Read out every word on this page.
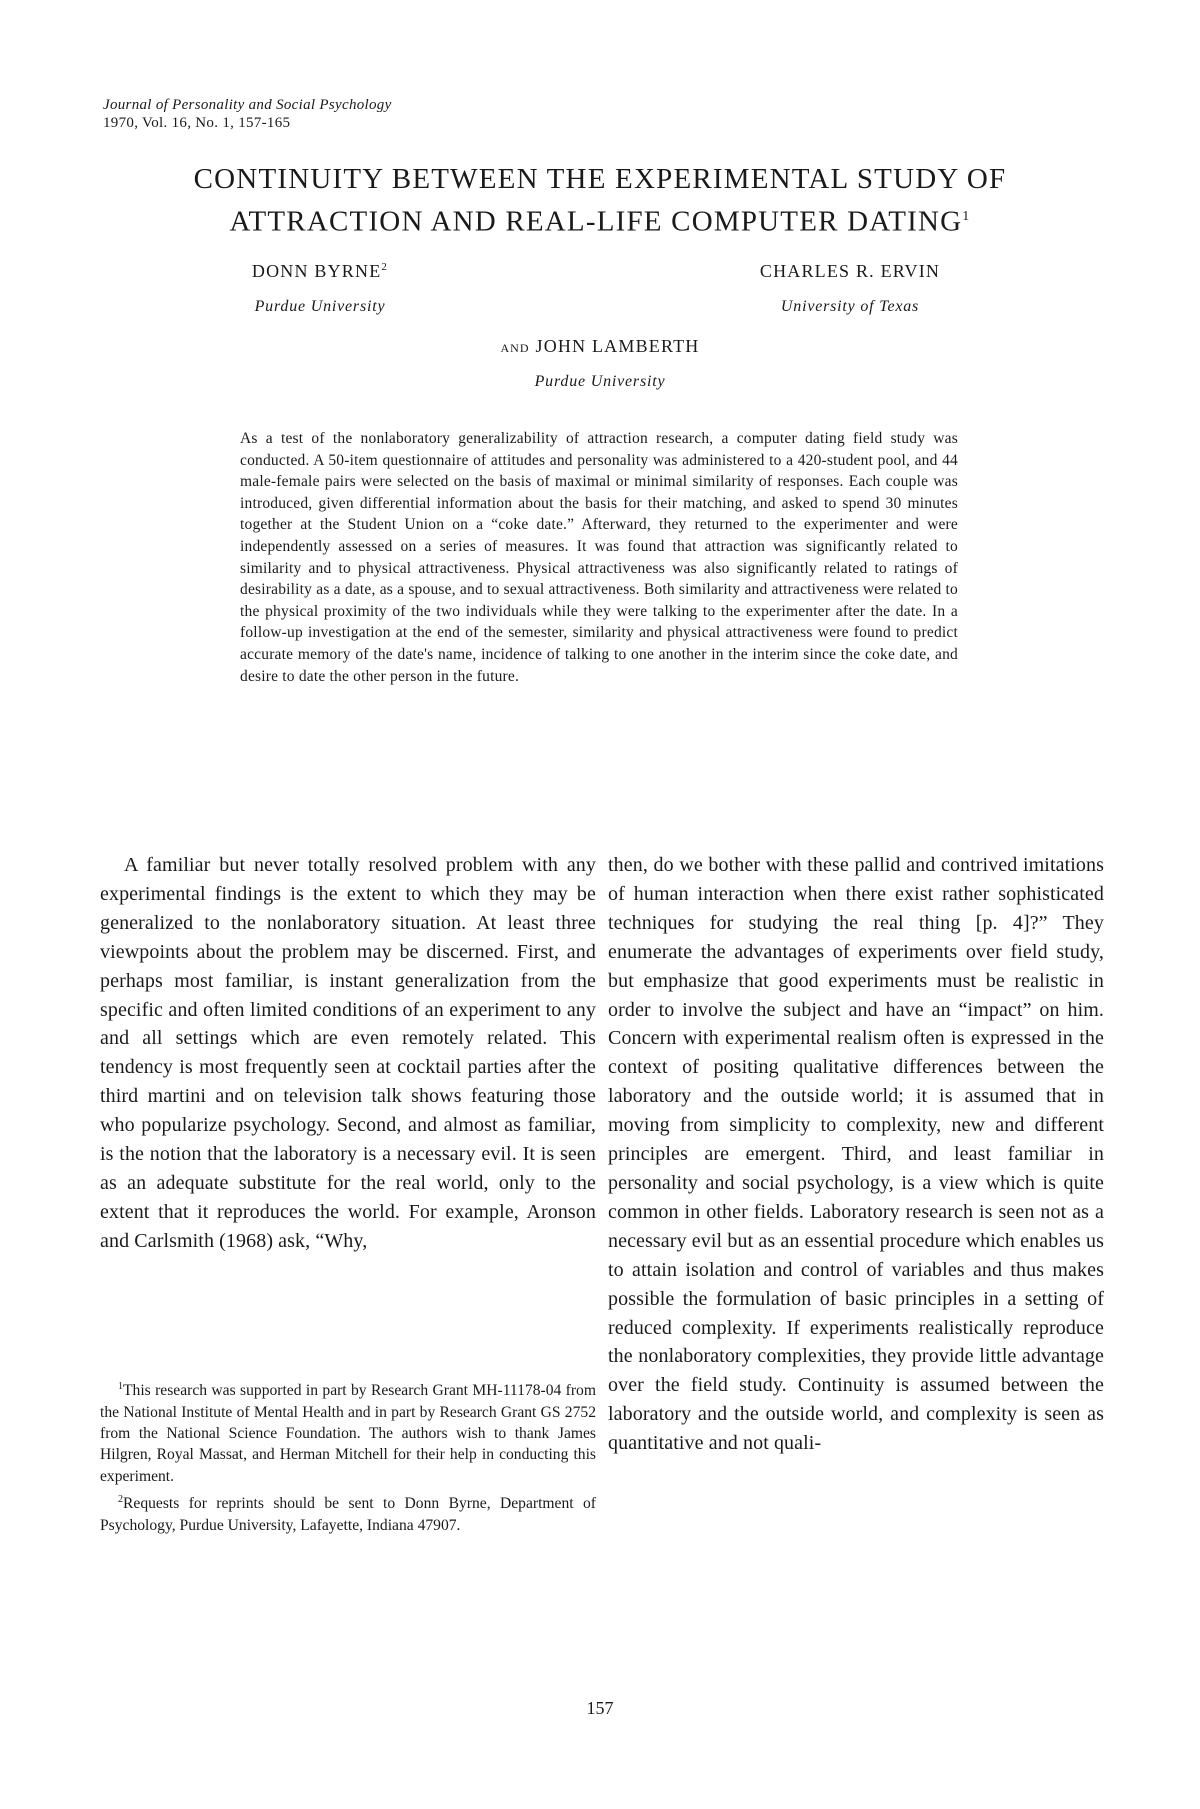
Journal of Personality and Social Psychology
1970, Vol. 16, No. 1, 157-165
CONTINUITY BETWEEN THE EXPERIMENTAL STUDY OF
ATTRACTION AND REAL-LIFE COMPUTER DATING$^1$
DONN BYRNE$^2$
Purdue University
CHARLES R. ERVIN
University of Texas
AND JOHN LAMBERTH
Purdue University
As a test of the nonlaboratory generalizability of attraction research, a computer dating field study was conducted. A 50-item questionnaire of attitudes and personality was administered to a 420-student pool, and 44 male-female pairs were selected on the basis of maximal or minimal similarity of responses. Each couple was introduced, given differential information about the basis for their matching, and asked to spend 30 minutes together at the Student Union on a “coke date.” Afterward, they returned to the experimenter and were independently assessed on a series of measures. It was found that attraction was significantly related to similarity and to physical attractiveness. Physical attractiveness was also significantly related to ratings of desirability as a date, as a spouse, and to sexual attractiveness. Both similarity and attractiveness were related to the physical proximity of the two individuals while they were talking to the experimenter after the date. In a follow-up investigation at the end of the semester, similarity and physical attractiveness were found to predict accurate memory of the date's name, incidence of talking to one another in the interim since the coke date, and desire to date the other person in the future.

A familiar but never totally resolved problem with any experimental findings is the extent to which they may be generalized to the nonlaboratory situation. At least three viewpoints about the problem may be discerned. First, and perhaps most familiar, is instant generalization from the specific and often limited conditions of an experiment to any and all settings which are even remotely related. This tendency is most frequently seen at cocktail parties after the third martini and on television talk shows featuring those who popularize psychology. Second, and almost as familiar, is the notion that the laboratory is a necessary evil. It is seen as an adequate substitute for the real world, only to the extent that it reproduces the world. For example, Aronson and Carlsmith (1968) ask, “Why,

$^1$This research was supported in part by Research Grant MH-11178-04 from the National Institute of Mental Health and in part by Research Grant GS 2752 from the National Science Foundation. The authors wish to thank James Hilgren, Royal Massat, and Herman Mitchell for their help in conducting this experiment.

$^2$Requests for reprints should be sent to Donn Byrne, Department of Psychology, Purdue University, Lafayette, Indiana 47907.

then, do we bother with these pallid and contrived imitations of human interaction when there exist rather sophisticated techniques for studying the real thing [p. 4]?” They enumerate the advantages of experiments over field study, but emphasize that good experiments must be realistic in order to involve the subject and have an “impact” on him. Concern with experimental realism often is expressed in the context of positing qualitative differences between the laboratory and the outside world; it is assumed that in moving from simplicity to complexity, new and different principles are emergent. Third, and least familiar in personality and social psychology, is a view which is quite common in other fields. Laboratory research is seen not as a necessary evil but as an essential procedure which enables us to attain isolation and control of variables and thus makes possible the formulation of basic principles in a setting of reduced complexity. If experiments realistically reproduce the nonlaboratory complexities, they provide little advantage over the field study. Continuity is assumed between the laboratory and the outside world, and complexity is seen as quantitative and not quali-

157
